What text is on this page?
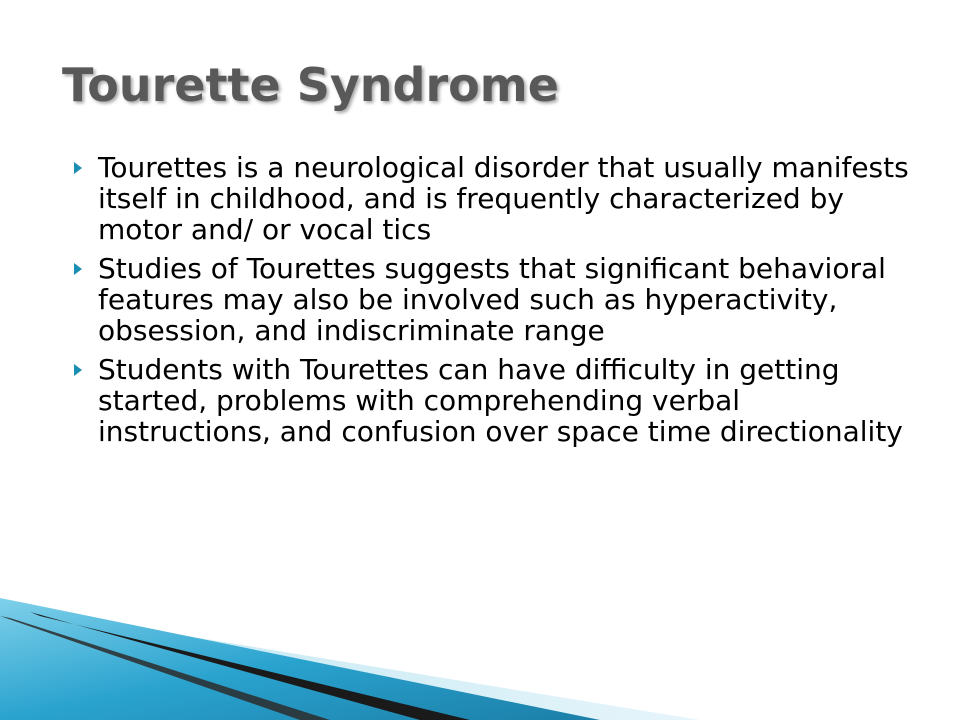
Tourette Syndrome
Tourettes is a neurological disorder that usually manifests itself in childhood, and is frequently characterized by motor and/ or vocal tics
Studies of Tourettes suggests that significant behavioral features may also be involved such as hyperactivity, obsession, and indiscriminate range
Students with Tourettes can have difficulty in getting started, problems with comprehending verbal instructions, and confusion over space time directionality
